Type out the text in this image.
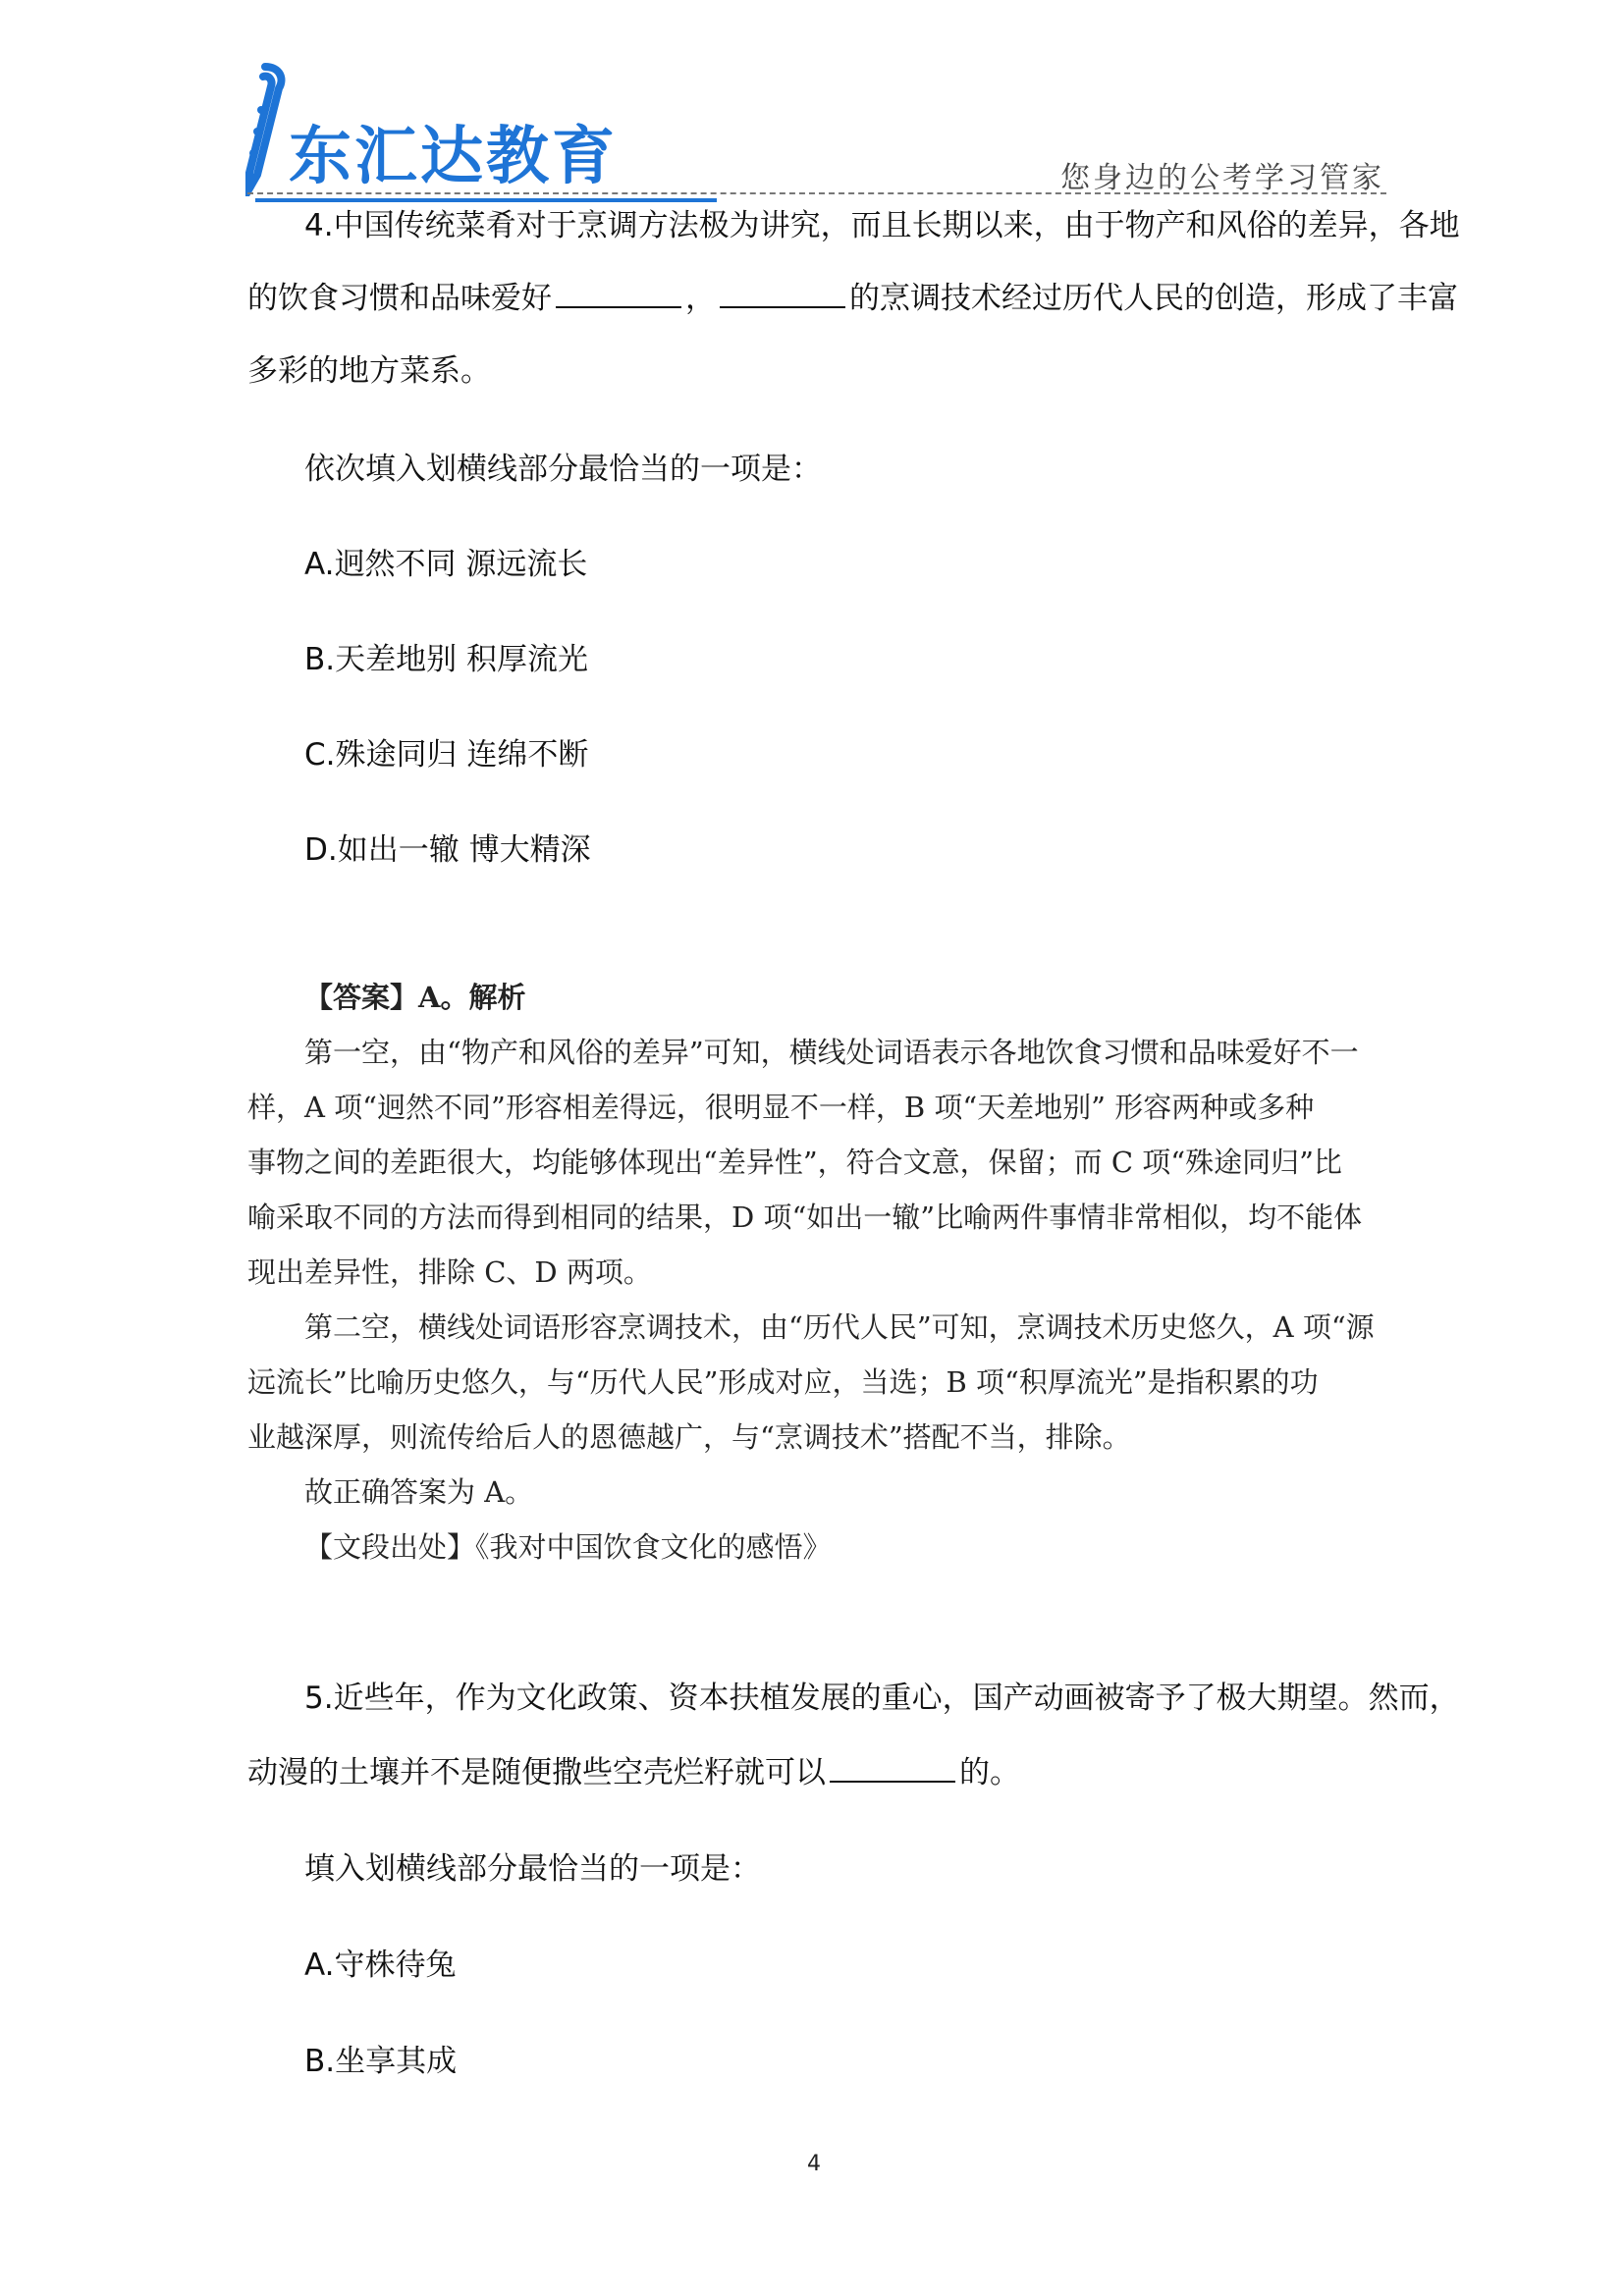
东汇达教育	您身边的公考学习管家
4.中国传统菜肴对于烹调方法极为讲究，而且长期以来，由于物产和风俗的差异，各地
的饮食习惯和品味爱好	，	的烹调技术经过历代人民的创造，形成了丰富
多彩的地方菜系。
依次填入划横线部分最恰当的一项是：
A.迥然不同 源远流长
B.天差地别 积厚流光
C.殊途同归 连绵不断
D.如出一辙 博大精深
【答案】A。解析
第一空，由“物产和风俗的差异”可知，横线处词语表示各地饮食习惯和品味爱好不一
样，A 项“迥然不同”形容相差得远，很明显不一样，B 项“天差地别” 形容两种或多种
事物之间的差距很大，均能够体现出“差异性”，符合文意，保留；而 C 项“殊途同归”比
喻采取不同的方法而得到相同的结果，D 项“如出一辙”比喻两件事情非常相似，均不能体
现出差异性，排除 C、D 两项。
第二空，横线处词语形容烹调技术，由“历代人民”可知，烹调技术历史悠久，A 项“源
远流长”比喻历史悠久，与“历代人民”形成对应，当选；B 项“积厚流光”是指积累的功
业越深厚，则流传给后人的恩德越广，与“烹调技术”搭配不当，排除。
故正确答案为 A。
【文段出处】《我对中国饮食文化的感悟》
5.近些年，作为文化政策、资本扶植发展的重心，国产动画被寄予了极大期望。然而，
动漫的土壤并不是随便撒些空壳烂籽就可以	的。
填入划横线部分最恰当的一项是：
A.守株待兔
B.坐享其成
4
